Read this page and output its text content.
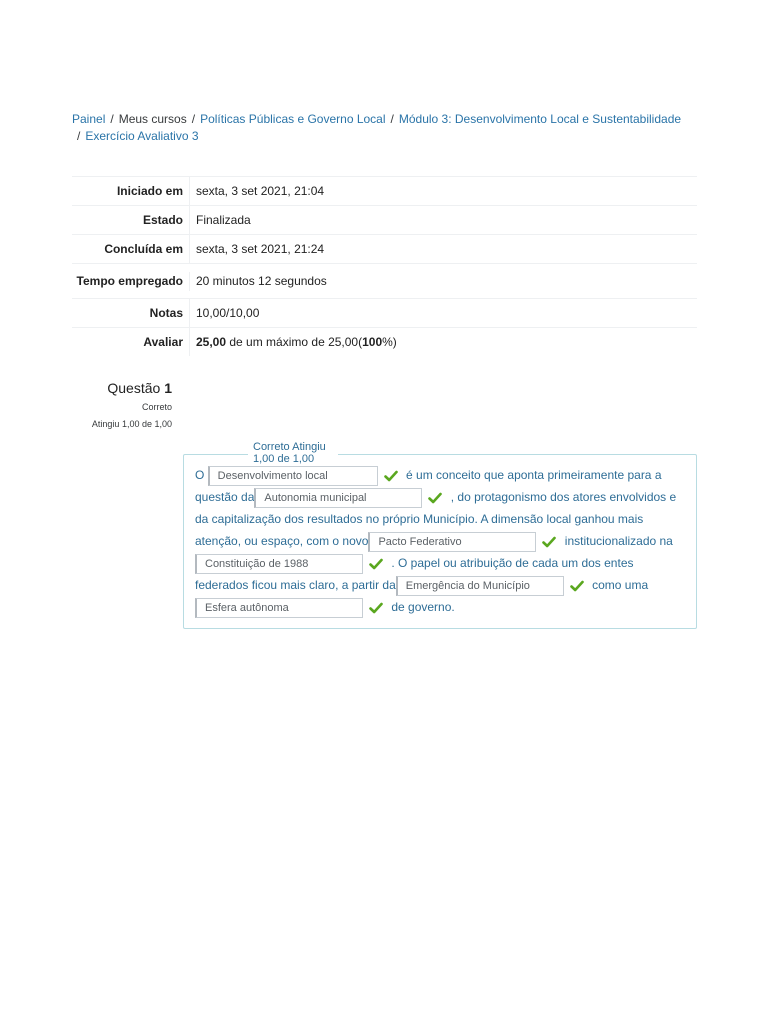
Painel / Meus cursos / Políticas Públicas e Governo Local / Módulo 3: Desenvolvimento Local e Sustentabilidade
/ Exercício Avaliativo 3
Iniciado em	sexta, 3 set 2021, 21:04
Estado	Finalizada
Concluída em	sexta, 3 set 2021, 21:24
Tempo empregado	20 minutos 12 segundos
Notas	10,00/10,00
Avaliar	25,00 de um máximo de 25,00(100%)
Questão 1
Correto
Atingiu 1,00 de 1,00
O Desenvolvimento local	é um conceito que aponta primeiramente para a questão da Autonomia municipal	, do protagonismo dos atores envolvidos e da capitalização dos resultados no próprio Município. A dimensão local ganhou mais atenção, ou espaço, com o novo Pacto Federativo	institucionalizado na Constituição de 1988	. O papel ou atribuição de cada um dos entes federados ficou mais claro, a partir da Emergência do Município	como uma Esfera autônoma	de governo.
Correto Atingiu 1,00 de 1,00
